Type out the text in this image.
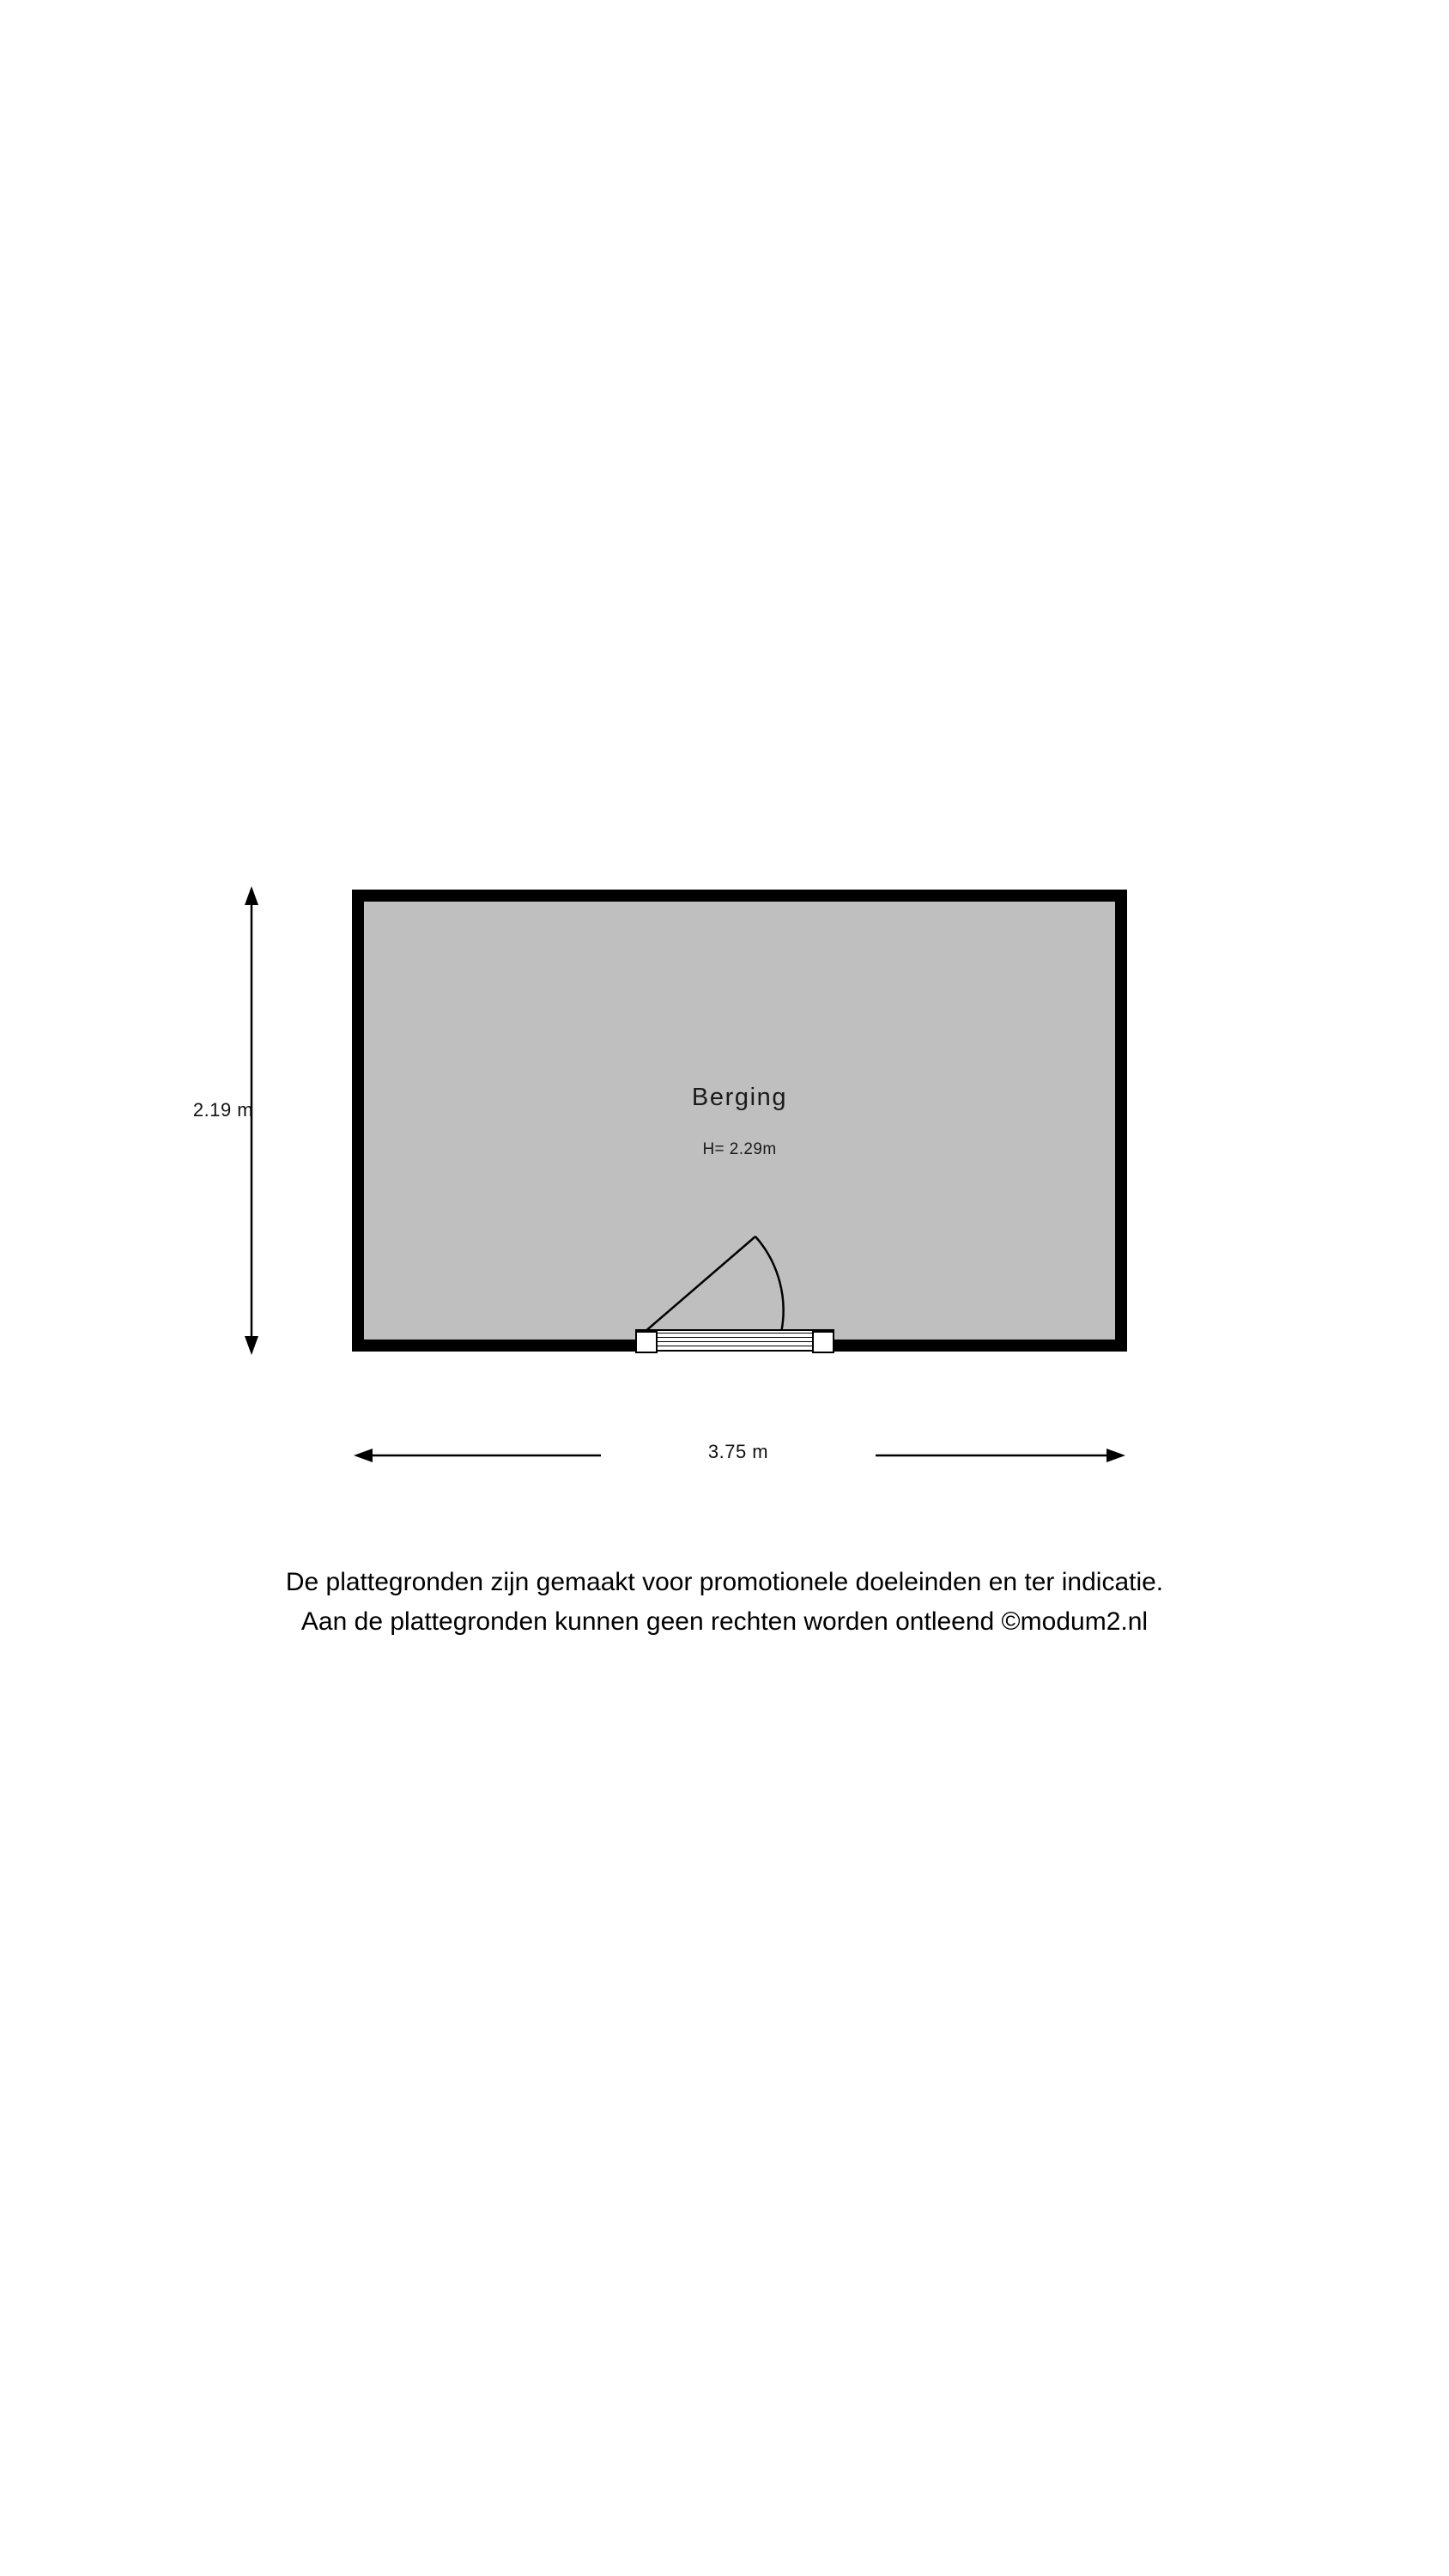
Berging
H= 2.29m
2.19 m
3.75 m
De plattegronden zijn gemaakt voor promotionele doeleinden en ter indicatie.
Aan de plattegronden kunnen geen rechten worden ontleend ©modum2.nl
